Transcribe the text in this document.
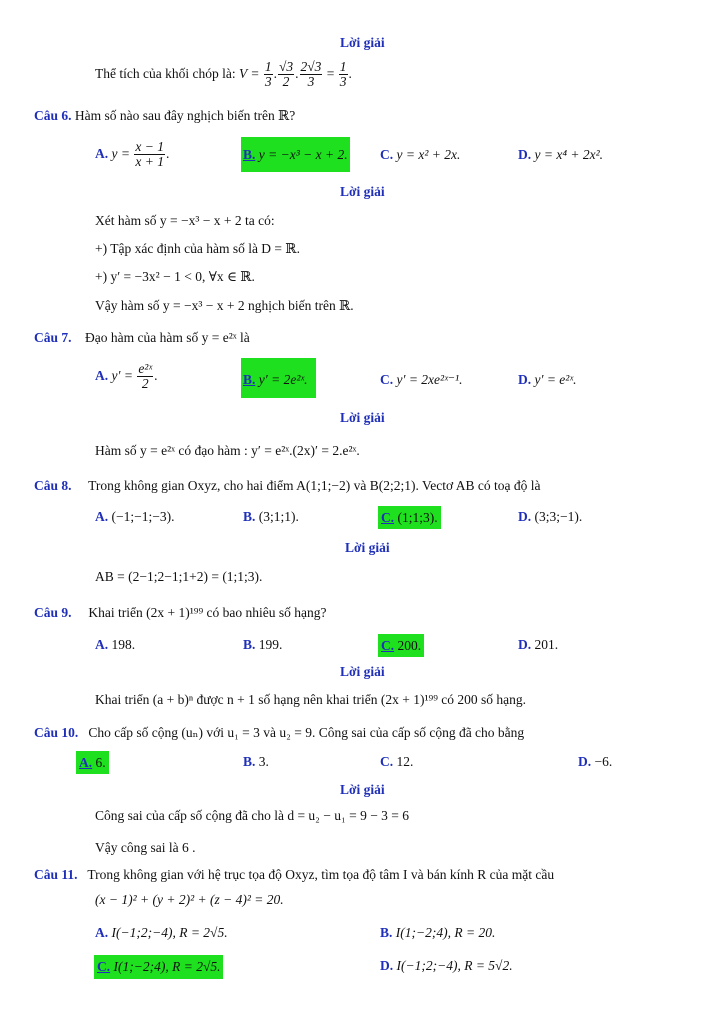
Lời giải
Thể tích của khối chóp là: $V = \frac{1}{3}$ . $\frac{√3}{2}$ . $\frac{2√3}{3} = \frac{1}{3}$ .
Câu 6. Hàm số nào sau đây nghịch biến trên ℝ?
A. $y = \frac{x - 1}{x + 1}$ .	B. y = −x³ − x + 2. C. y = x² + 2x.	D. y = x⁴ + 2x².
Lời giải
Xét hàm số y = −x³ − x + 2 ta có:
+) Tập xác định của hàm số là D = ℝ.
+) y′ = −3x² − 1 < 0, ∀x ∈ ℝ.
Vậy hàm số y = −x³ − x + 2 nghịch biến trên ℝ.
Câu 7. Đạo hàm của hàm số y = e²ˣ là
A. $y' = \frac{\text{e²ˣ}}{2}$ .	B. y′ = 2e²ˣ.	C. y′ = 2xe²ˣ⁻¹.	D. y′ = e²ˣ.
Lời giải
Hàm số y = e²ˣ có đạo hàm : y′ = e²ˣ.(2x)′ = 2.e²ˣ.
Câu 8. Trong không gian Oxyz, cho hai điểm A(1;1;−2) và B(2;2;1). Vectơ AB có toạ độ là
A. (−1;−1;−3).	B. (3;1;1).	C. (1;1;3).	D. (3;3;−1).
Lời giải
AB = (2−1;2−1;1+2) = (1;1;3).
Câu 9. Khai triển (2x + 1)¹⁹⁹ có bao nhiêu số hạng?
A. 198.	B. 199.	C. 200.	D. 201.
Lời giải
Khai triển (a + b)ⁿ được n + 1 số hạng nên khai triển (2x + 1)¹⁹⁹ có 200 số hạng.
Câu 10. Cho cấp số cộng (uₙ) với u₁ = 3 và u₂ = 9. Công sai của cấp số cộng đã cho bằng
A. 6.	B. 3.	C. 12.	D. −6.
Lời giải
Công sai của cấp số cộng đã cho là d = u₂ − u₁ = 9 − 3 = 6
Vậy công sai là 6 .
Câu 11. Trong không gian với hệ trục tọa độ Oxyz, tìm tọa độ tâm I và bán kính R của mặt cầu
(x − 1)² + (y + 2)² + (z − 4)² = 20.
A. I(−1;2;−4), R = 2√5.	B. I(1;−2;4), R = 20.
C. I(1;−2;4), R = 2√5.	D. I(−1;2;−4), R = 5√2.
